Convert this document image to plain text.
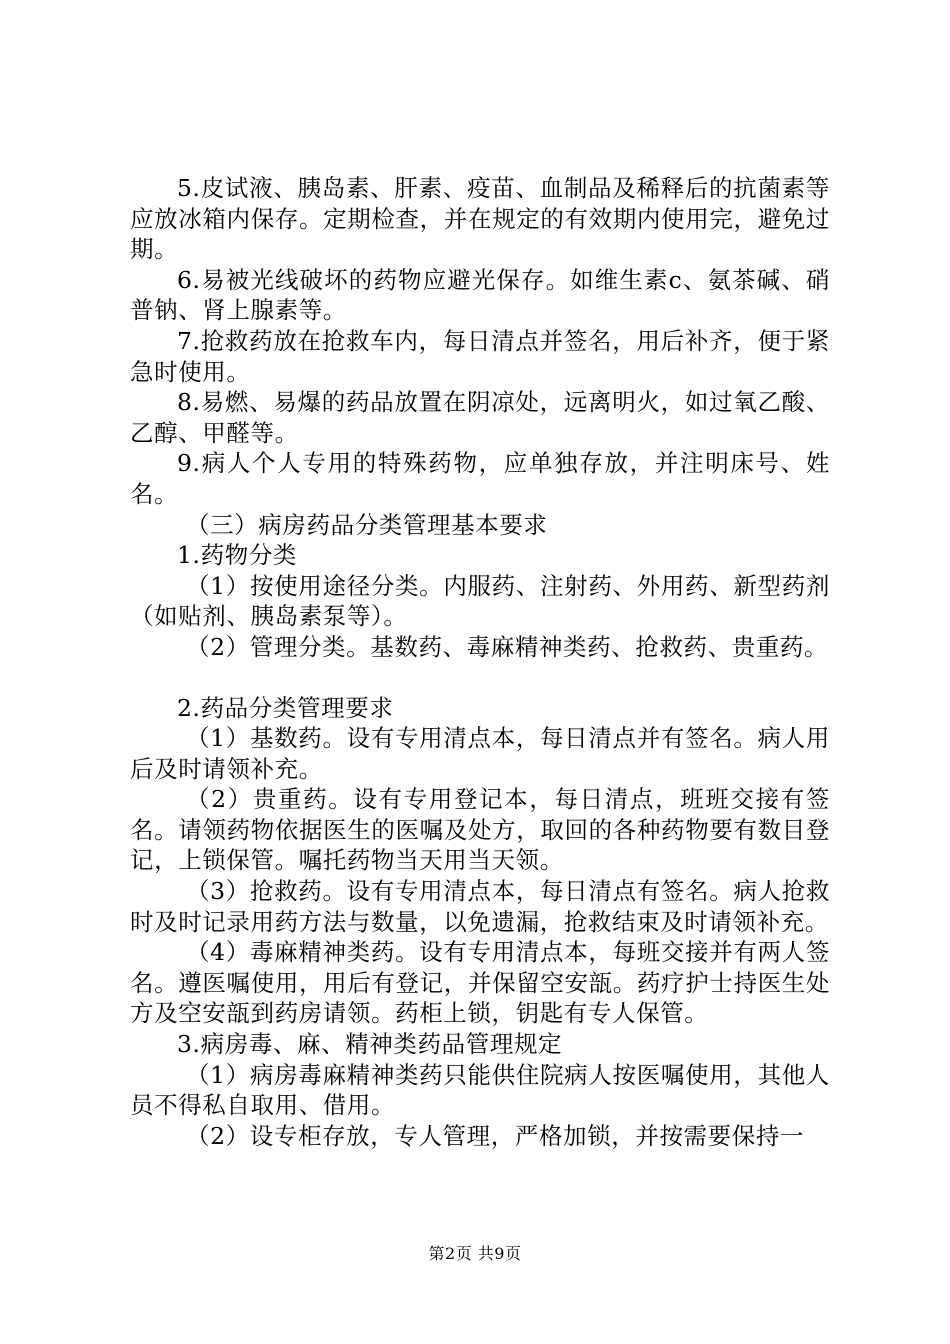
5.皮试液、胰岛素、肝素、疫苗、血制品及稀释后的抗菌素等应放冰箱内保存。定期检查，并在规定的有效期内使用完，避免过期。

6.易被光线破坏的药物应避光保存。如维生素c、氨茶碱、硝普钠、肾上腺素等。

7.抢救药放在抢救车内，每日清点并签名，用后补齐，便于紧急时使用。

8.易燃、易爆的药品放置在阴凉处，远离明火，如过氧乙酸、乙醇、甲醛等。

9.病人个人专用的特殊药物，应单独存放，并注明床号、姓名。

（三）病房药品分类管理基本要求

1.药物分类

（1）按使用途径分类。内服药、注射药、外用药、新型药剂（如贴剂、胰岛素泵等）。

（2）管理分类。基数药、毒麻精神类药、抢救药、贵重药。

2.药品分类管理要求

（1）基数药。设有专用清点本，每日清点并有签名。病人用后及时请领补充。

（2）贵重药。设有专用登记本，每日清点，班班交接有签名。请领药物依据医生的医嘱及处方，取回的各种药物要有数目登记，上锁保管。嘱托药物当天用当天领。

（3）抢救药。设有专用清点本，每日清点有签名。病人抢救时及时记录用药方法与数量，以免遗漏，抢救结束及时请领补充。

（4）毒麻精神类药。设有专用清点本，每班交接并有两人签名。遵医嘱使用，用后有登记，并保留空安瓿。药疗护士持医生处方及空安瓿到药房请领。药柜上锁，钥匙有专人保管。

3.病房毒、麻、精神类药品管理规定

（1）病房毒麻精神类药只能供住院病人按医嘱使用，其他人员不得私自取用、借用。

（2）设专柜存放，专人管理，严格加锁，并按需要保持一

第2页 共9页
